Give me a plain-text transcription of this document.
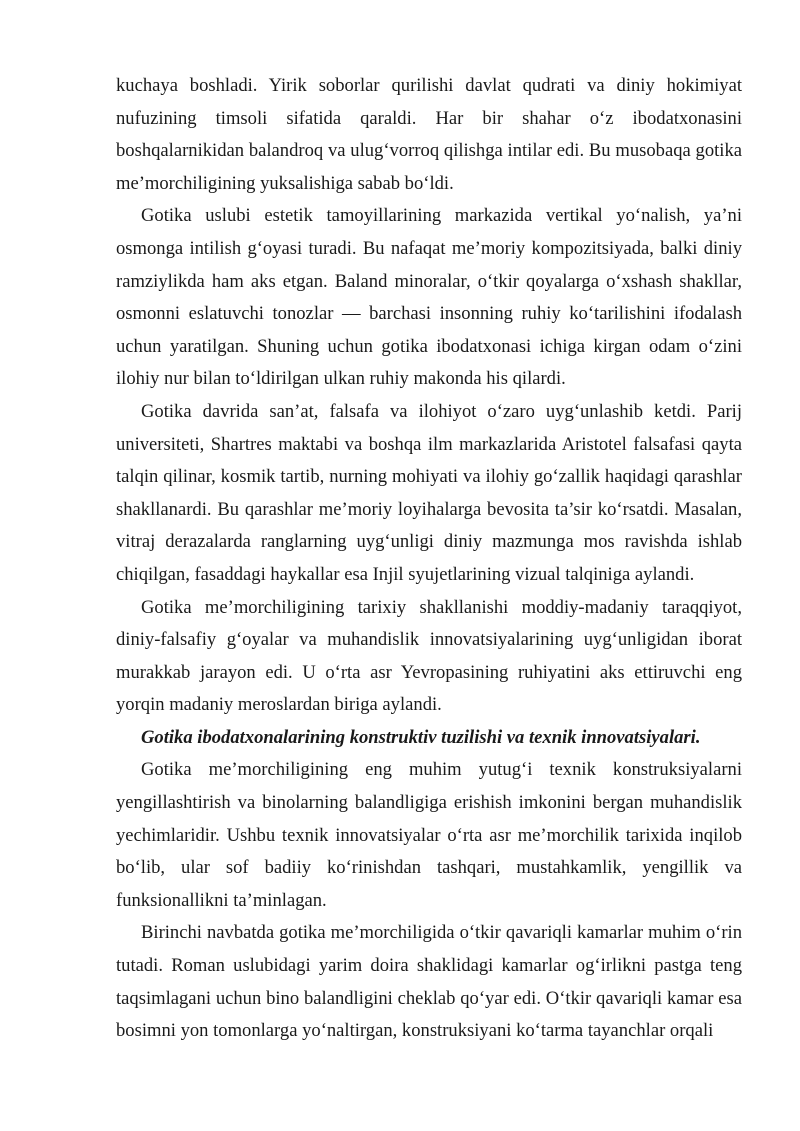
kuchaya boshladi. Yirik soborlar qurilishi davlat qudrati va diniy hokimiyat nufuzining timsoli sifatida qaraldi. Har bir shahar o‘z ibodatxonasini boshqalarnikidan balandroq va ulug‘vorroq qilishga intilar edi. Bu musobaqa gotika me’morchiligining yuksalishiga sabab bo‘ldi.

Gotika uslubi estetik tamoyillarining markazida vertikal yo‘nalish, ya’ni osmonga intilish g‘oyasi turadi. Bu nafaqat me’moriy kompozitsiyada, balki diniy ramziylikda ham aks etgan. Baland minoralar, o‘tkir qoyalarga o‘xshash shakllar, osmonni eslatuvchi tonozlar — barchasi insonning ruhiy ko‘tarilishini ifodalash uchun yaratilgan. Shuning uchun gotika ibodatxonasi ichiga kirgan odam o‘zini ilohiy nur bilan to‘ldirilgan ulkan ruhiy makonda his qilardi.

Gotika davrida san’at, falsafa va ilohiyot o‘zaro uyg‘unlashib ketdi. Parij universiteti, Shartres maktabi va boshqa ilm markazlarida Aristotel falsafasi qayta talqin qilinar, kosmik tartib, nurning mohiyati va ilohiy go‘zallik haqidagi qarashlar shakllanardi. Bu qarashlar me’moriy loyihalarga bevosita ta’sir ko‘rsatdi. Masalan, vitraj derazalarda ranglarning uyg‘unligi diniy mazmunga mos ravishda ishlab chiqilgan, fasaddagi haykallar esa Injil syujetlarining vizual talqiniga aylandi.

Gotika me’morchiligining tarixiy shakllanishi moddiy-madaniy taraqqiyot, diniy-falsafiy g‘oyalar va muhandislik innovatsiyalarining uyg‘unligidan iborat murakkab jarayon edi. U o‘rta asr Yevropasining ruhiyatini aks ettiruvchi eng yorqin madaniy meroslardan biriga aylandi.

Gotika ibodatxonalarining konstruktiv tuzilishi va texnik innovatsiyalari.

Gotika me’morchiligining eng muhim yutug‘i texnik konstruksiyalarni yengillashtirish va binolarning balandligiga erishish imkonini bergan muhandislik yechimlaridir. Ushbu texnik innovatsiyalar o‘rta asr me’morchilik tarixida inqilob bo‘lib, ular sof badiiy ko‘rinishdan tashqari, mustahkamlik, yengillik va funksionallikni ta’minlagan.

Birinchi navbatda gotika me’morchiligida o‘tkir qavariqli kamarlar muhim o‘rin tutadi. Roman uslubidagi yarim doira shaklidagi kamarlar og‘irlikni pastga teng taqsimlagani uchun bino balandligini cheklab qo‘yar edi. O‘tkir qavariqli kamar esa bosimni yon tomonlarga yo‘naltirgan, konstruksiyani ko‘tarma tayanchlar orqali
